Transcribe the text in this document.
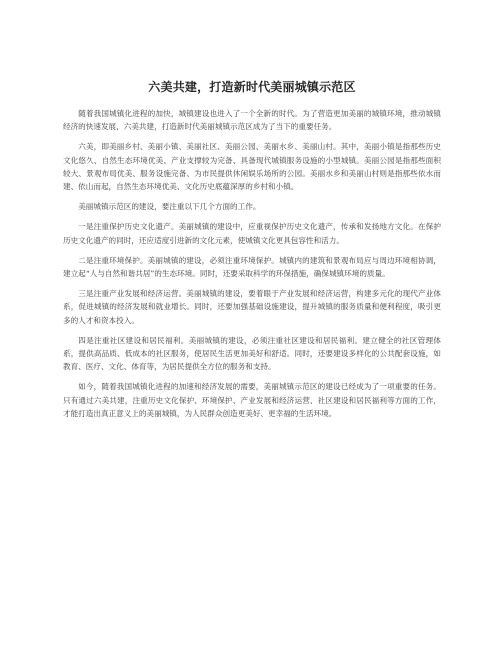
六美共建，打造新时代美丽城镇示范区

随着我国城镇化进程的加快，城镇建设也进入了一个全新的时代。为了营造更加美丽的城镇环境，推动城镇经济的快速发展，六美共建，打造新时代美丽城镇示范区成为了当下的重要任务。

六美，即美丽乡村、美丽小镇、美丽社区、美丽公园、美丽水乡、美丽山村。其中，美丽小镇是指那些历史文化悠久、自然生态环境优美、产业支撑较为完备、具备现代城镇服务设施的小型城镇。美丽公园是指那些面积较大、景观布局优美、服务设施完备、为市民提供休闲娱乐场所的公园。美丽水乡和美丽山村则是指那些依水而建、依山而起，自然生态环境优美、文化历史底蕴深厚的乡村和小镇。

美丽城镇示范区的建设，要注重以下几个方面的工作。

一是注重保护历史文化遗产。美丽城镇的建设中，应重视保护历史文化遗产，传承和发扬地方文化。在保护历史文化遗产的同时，还应适度引进新的文化元素，使城镇文化更具包容性和活力。

二是注重环境保护。美丽城镇的建设，必须注重环境保护。城镇内的建筑和景观布局应与周边环境相协调，建立起“人与自然和谐共居”的生态环境。同时，还要采取科学的环保措施，确保城镇环境的质量。

三是注重产业发展和经济运营。美丽城镇的建设，要着眼于产业发展和经济运营，构建多元化的现代产业体系，促进城镇的经济发展和就业增长。同时，还要加强基础设施建设，提升城镇的服务质量和便利程度，吸引更多的人才和资本投入。

四是注重社区建设和居民福利。美丽城镇的建设，必须注重社区建设和居民福利。建立健全的社区管理体系，提供高品质、低成本的社区服务，使居民生活更加美好和舒适。同时，还要建设多样化的公共配套设施，如教育、医疗、文化、体育等，为居民提供全方位的服务和支持。

如今，随着我国城镇化进程的加速和经济发展的需要，美丽城镇示范区的建设已经成为了一项重要的任务。只有通过六美共建，注重历史文化保护、环境保护、产业发展和经济运营、社区建设和居民福利等方面的工作，才能打造出真正意义上的美丽城镇，为人民群众创造更美好、更幸福的生活环境。
